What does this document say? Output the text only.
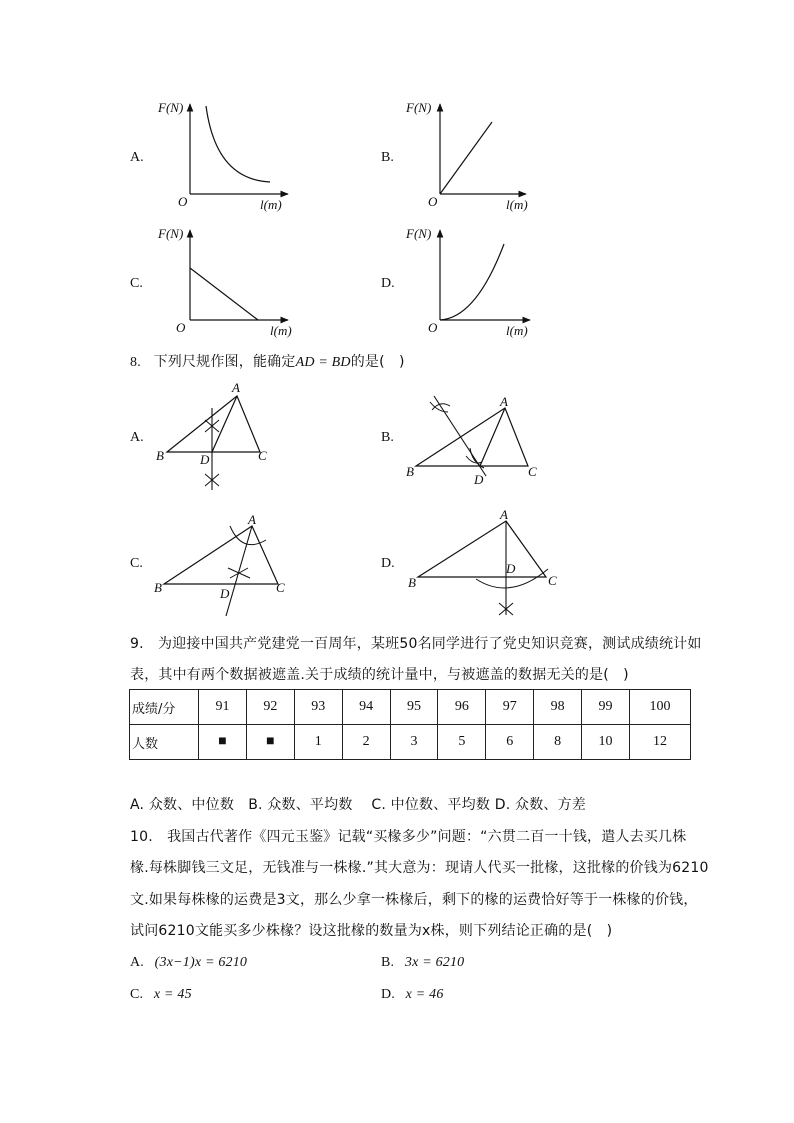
A.
F(N)
O	l(m)
B.
F(N)
O	l(m)
C.
F(N)
O	l(m)
D.
F(N)
O	l(m)
8. 下列尺规作图，能确定AD = BD的是(　)
A.
A
B	C
D
B.
A
B	C
D
C.
A
B	C
D
D.
A
B	C
D
9.　为迎接中国共产党建党一百周年，某班50名同学进行了党史知识竞赛，测试成绩统计如
表，其中有两个数据被遮盖.关于成绩的统计量中，与被遮盖的数据无关的是(　)
成绩/分	91	92	93	94	95	96	97	98	99	100
人数	■	■	1	2	3	5	6	8	10	12
A. 众数、中位数　B. 众数、平均数　 C. 中位数、平均数 D. 众数、方差
10.　我国古代著作《四元玉鉴》记载“买椽多少”问题：“六贯二百一十钱，遣人去买几株
椽.每株脚钱三文足，无钱准与一株椽.”其大意为：现请人代买一批椽，这批椽的价钱为6210
文.如果每株椽的运费是3文，那么少拿一株椽后，剩下的椽的运费恰好等于一株椽的价钱，
试问6210文能买多少株椽？设这批椽的数量为x株，则下列结论正确的是(　)
A. (3x−1)x = 6210	B. 3x = 6210
C. x = 45	D. x = 46
